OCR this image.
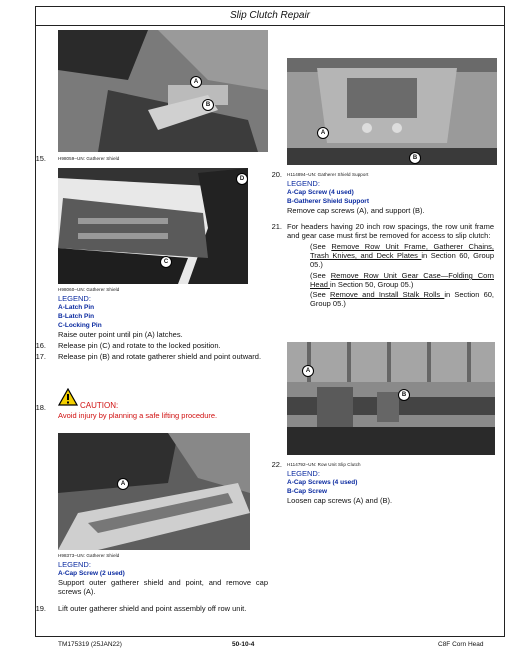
Slip Clutch Repair
A
B
15.	H98059–UN: Gatherer Shield
D
C
H98060–UN: Gatherer Shield
LEGEND:
A-Latch Pin
B-Latch Pin
C-Locking Pin
Raise outer point until pin (A) latches.
16. Release pin (C) and rotate to the locked position.
17. Release pin (B) and rotate gatherer shield and point outward.
18.	CAUTION:
Avoid injury by planning a safe lifting procedure.
A
H98373–UN: Gatherer Shield
LEGEND:
A-Cap Screw (2 used)
Support outer gatherer shield and point, and remove cap screws (A).
19. Lift outer gatherer shield and point assembly off row unit.
A
B
20. H114894–UN: Gatherer Shield Support
LEGEND:
A-Cap Screw (4 used)
B-Gatherer Shield Support
Remove cap screws (A), and support (B).
21. For headers having 20 inch row spacings, the row unit frame and gear case must first be removed for access to slip clutch:
(See Remove Row Unit Frame, Gatherer Chains, Trash Knives, and Deck Plates in Section 60, Group 05.)
(See Remove Row Unit Gear Case—Folding Corn Head in Section 50, Group 05.)
(See Remove and Install Stalk Rolls in Section 60, Group 05.)
A
B
22. H114792–UN: Row Unit Slip Clutch
LEGEND:
A-Cap Screws (4 used)
B-Cap Screw
Loosen cap screws (A) and (B).
TM175319 (25JAN22)	50-10-4	C8F Corn Head
